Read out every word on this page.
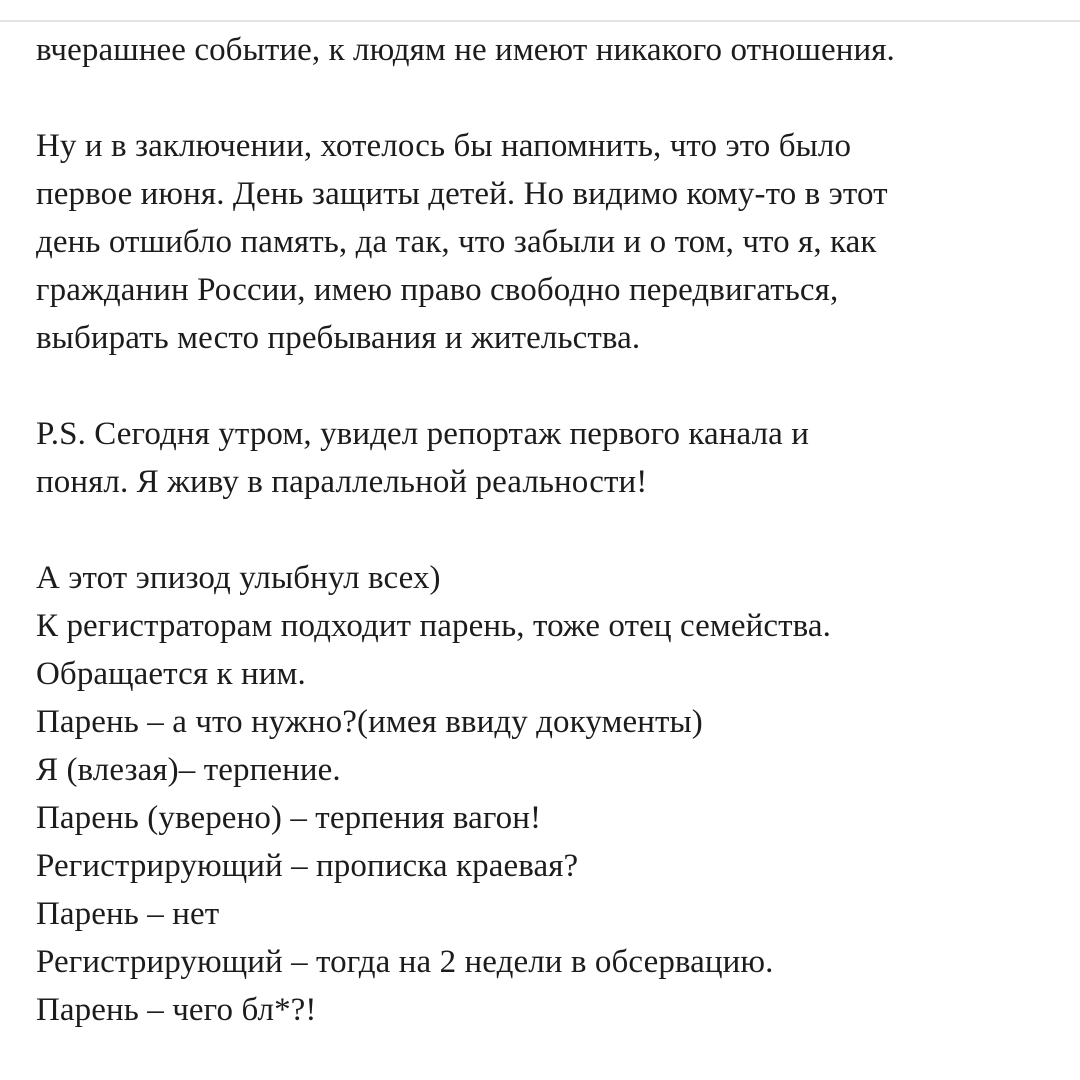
вчерашнее событие, к людям не имеют никакого отношения.
Ну и в заключении, хотелось бы напомнить, что это было
первое июня. День защиты детей. Но видимо кому-то в этот
день отшибло память, да так, что забыли и о том, что я, как
гражданин России, имею право свободно передвигаться,
выбирать место пребывания и жительства.
P.S. Сегодня утром, увидел репортаж первого канала и
понял. Я живу в параллельной реальности!
А этот эпизод улыбнул всех)
К регистраторам подходит парень, тоже отец семейства.
Обращается к ним.
Парень – а что нужно?(имея ввиду документы)
Я (влезая)– терпение.
Парень (уверено) – терпения вагон!
Регистрирующий – прописка краевая?
Парень – нет
Регистрирующий – тогда на 2 недели в обсервацию.
Парень – чего бл*?!
